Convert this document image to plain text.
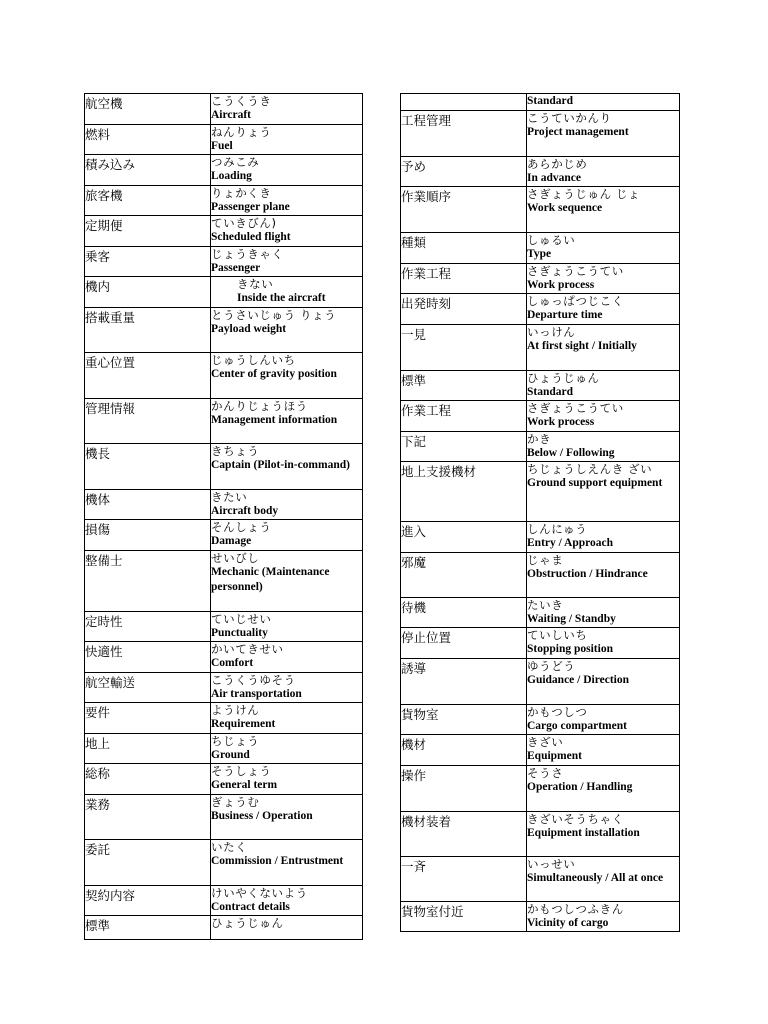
航空機	こうくうき
Aircraft

燃料	ねんりょう
Fuel

積み込み	つみこみ
Loading

旅客機	りょかくき
Passenger plane

定期便	ていきびん)
Scheduled flight

乗客	じょうきゃく
Passenger

機内	きない
Inside the aircraft

搭載重量	とうさいじゅう りょう
Payload weight

重心位置	じゅうしんいち
Center of gravity position

管理情報	かんりじょうほう
Management information

機長	きちょう
Captain (Pilot-in-command)

機体	きたい
Aircraft body

損傷	そんしょう
Damage

整備士	せいびし
Mechanic (Maintenance personnel)

定時性	ていじせい
Punctuality

快適性	かいてきせい
Comfort

航空輸送	こうくうゆそう
Air transportation

要件	ようけん
Requirement

地上	ちじょう
Ground

総称	そうしょう
General term

業務	ぎょうむ
Business / Operation

委託	いたく
Commission / Entrustment

契約内容	けいやくないよう
Contract details

標準	ひょうじゅん

	Standard

工程管理	こうていかんり
Project management

予め	あらかじめ
In advance

作業順序	さぎょうじゅん じょ
Work sequence

種類	しゅるい
Type

作業工程	さぎょうこうてい
Work process

出発時刻	しゅっぱつじこく
Departure time

一見	いっけん
At first sight / Initially

標準	ひょうじゅん
Standard

作業工程	さぎょうこうてい
Work process

下記	かき
Below / Following

地上支援機材	ちじょうしえんき ざい
Ground support equipment

進入	しんにゅう
Entry / Approach

邪魔	じゃま
Obstruction / Hindrance

待機	たいき
Waiting / Standby

停止位置	ていしいち
Stopping position

誘導	ゆうどう
Guidance / Direction

貨物室	かもつしつ
Cargo compartment

機材	きざい
Equipment

操作	そうさ
Operation / Handling

機材装着	きざいそうちゃく
Equipment installation

一斉	いっせい
Simultaneously / All at once

貨物室付近	かもつしつふきん
Vicinity of cargo
